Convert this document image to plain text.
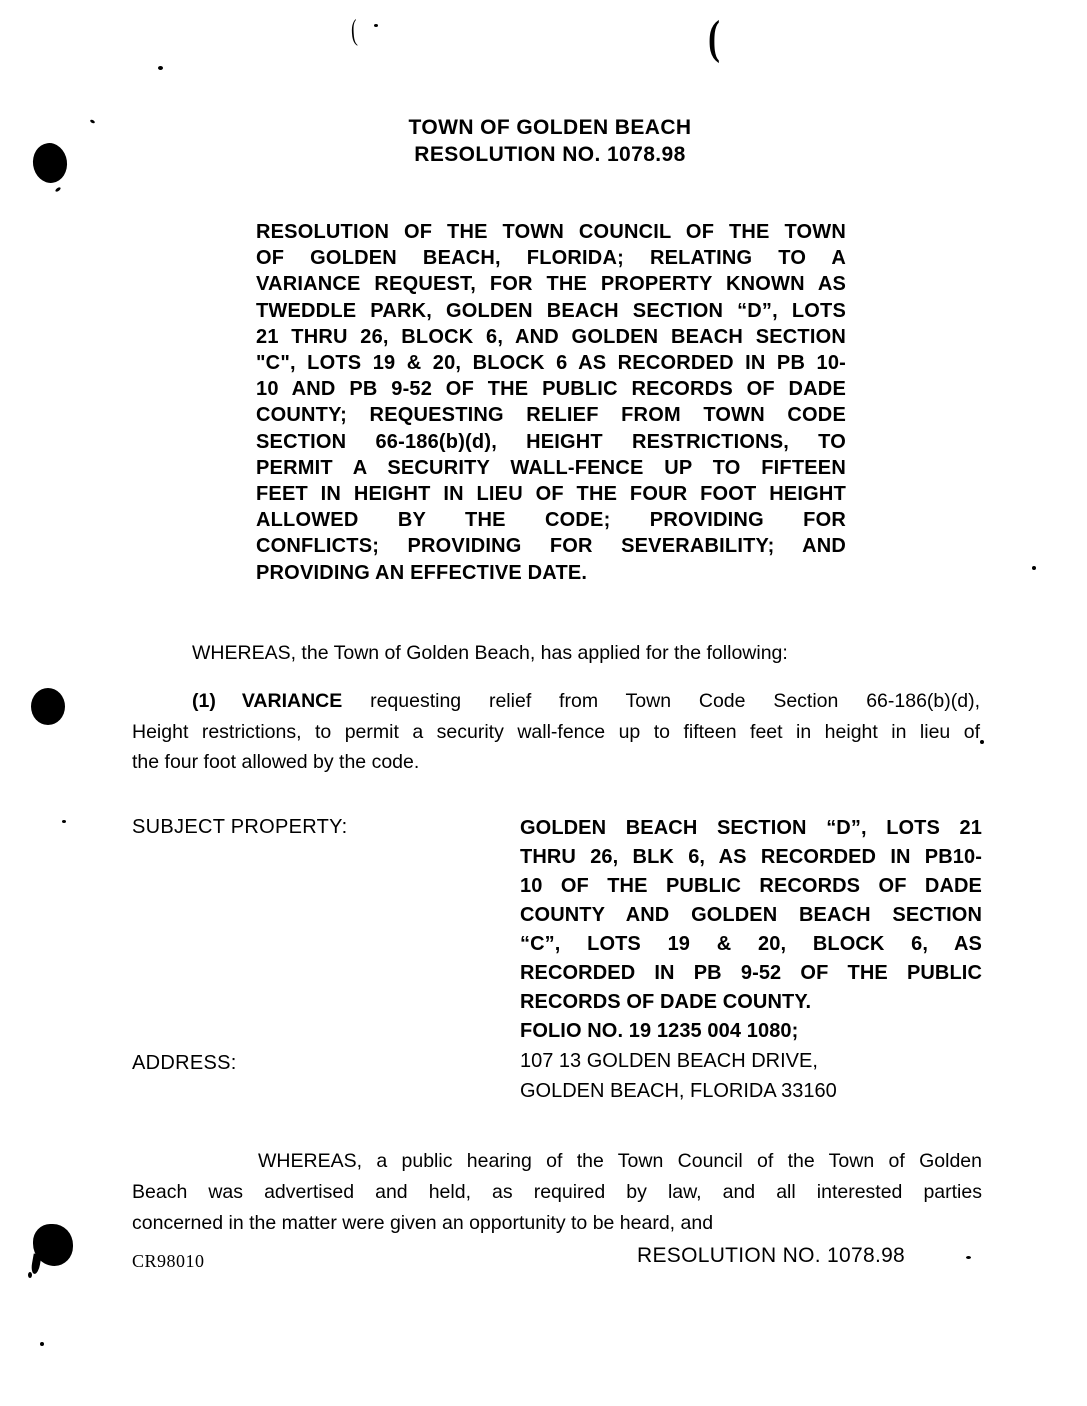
(	(
TOWN OF GOLDEN BEACH
RESOLUTION NO. 1078.98
RESOLUTION OF THE TOWN COUNCIL OF THE TOWN
OF GOLDEN BEACH, FLORIDA; RELATING TO A
VARIANCE REQUEST, FOR THE PROPERTY KNOWN AS
TWEDDLE PARK, GOLDEN BEACH SECTION “D”, LOTS
21 THRU 26, BLOCK 6, AND GOLDEN BEACH SECTION
"C", LOTS 19 & 20, BLOCK 6 AS RECORDED IN PB 10-
10 AND PB 9-52 OF THE PUBLIC RECORDS OF DADE
COUNTY; REQUESTING RELIEF FROM TOWN CODE
SECTION 66-186(b)(d), HEIGHT RESTRICTIONS, TO
PERMIT A SECURITY WALL-FENCE UP TO FIFTEEN
FEET IN HEIGHT IN LIEU OF THE FOUR FOOT HEIGHT
ALLOWED BY THE CODE; PROVIDING FOR
CONFLICTS; PROVIDING FOR SEVERABILITY; AND
PROVIDING AN EFFECTIVE DATE.
WHEREAS, the Town of Golden Beach, has applied for the following:
(1) VARIANCE requesting relief from Town Code Section 66-186(b)(d),
Height restrictions, to permit a security wall-fence up to fifteen feet in height in lieu of
the four foot allowed by the code.
SUBJECT PROPERTY:	GOLDEN BEACH SECTION “D”, LOTS 21
THRU 26, BLK 6, AS RECORDED IN PB10-
10 OF THE PUBLIC RECORDS OF DADE
COUNTY AND GOLDEN BEACH SECTION
“C”, LOTS 19 & 20, BLOCK 6, AS
RECORDED IN PB 9-52 OF THE PUBLIC
RECORDS OF DADE COUNTY.
FOLIO NO. 19 1235 004 1080;
ADDRESS:	107 13 GOLDEN BEACH DRIVE,
GOLDEN BEACH, FLORIDA 33160
WHEREAS, a public hearing of the Town Council of the Town of Golden
Beach was advertised and held, as required by law, and all interested parties
concerned in the matter were given an opportunity to be heard, and
CR98010	RESOLUTION NO. 1078.98
